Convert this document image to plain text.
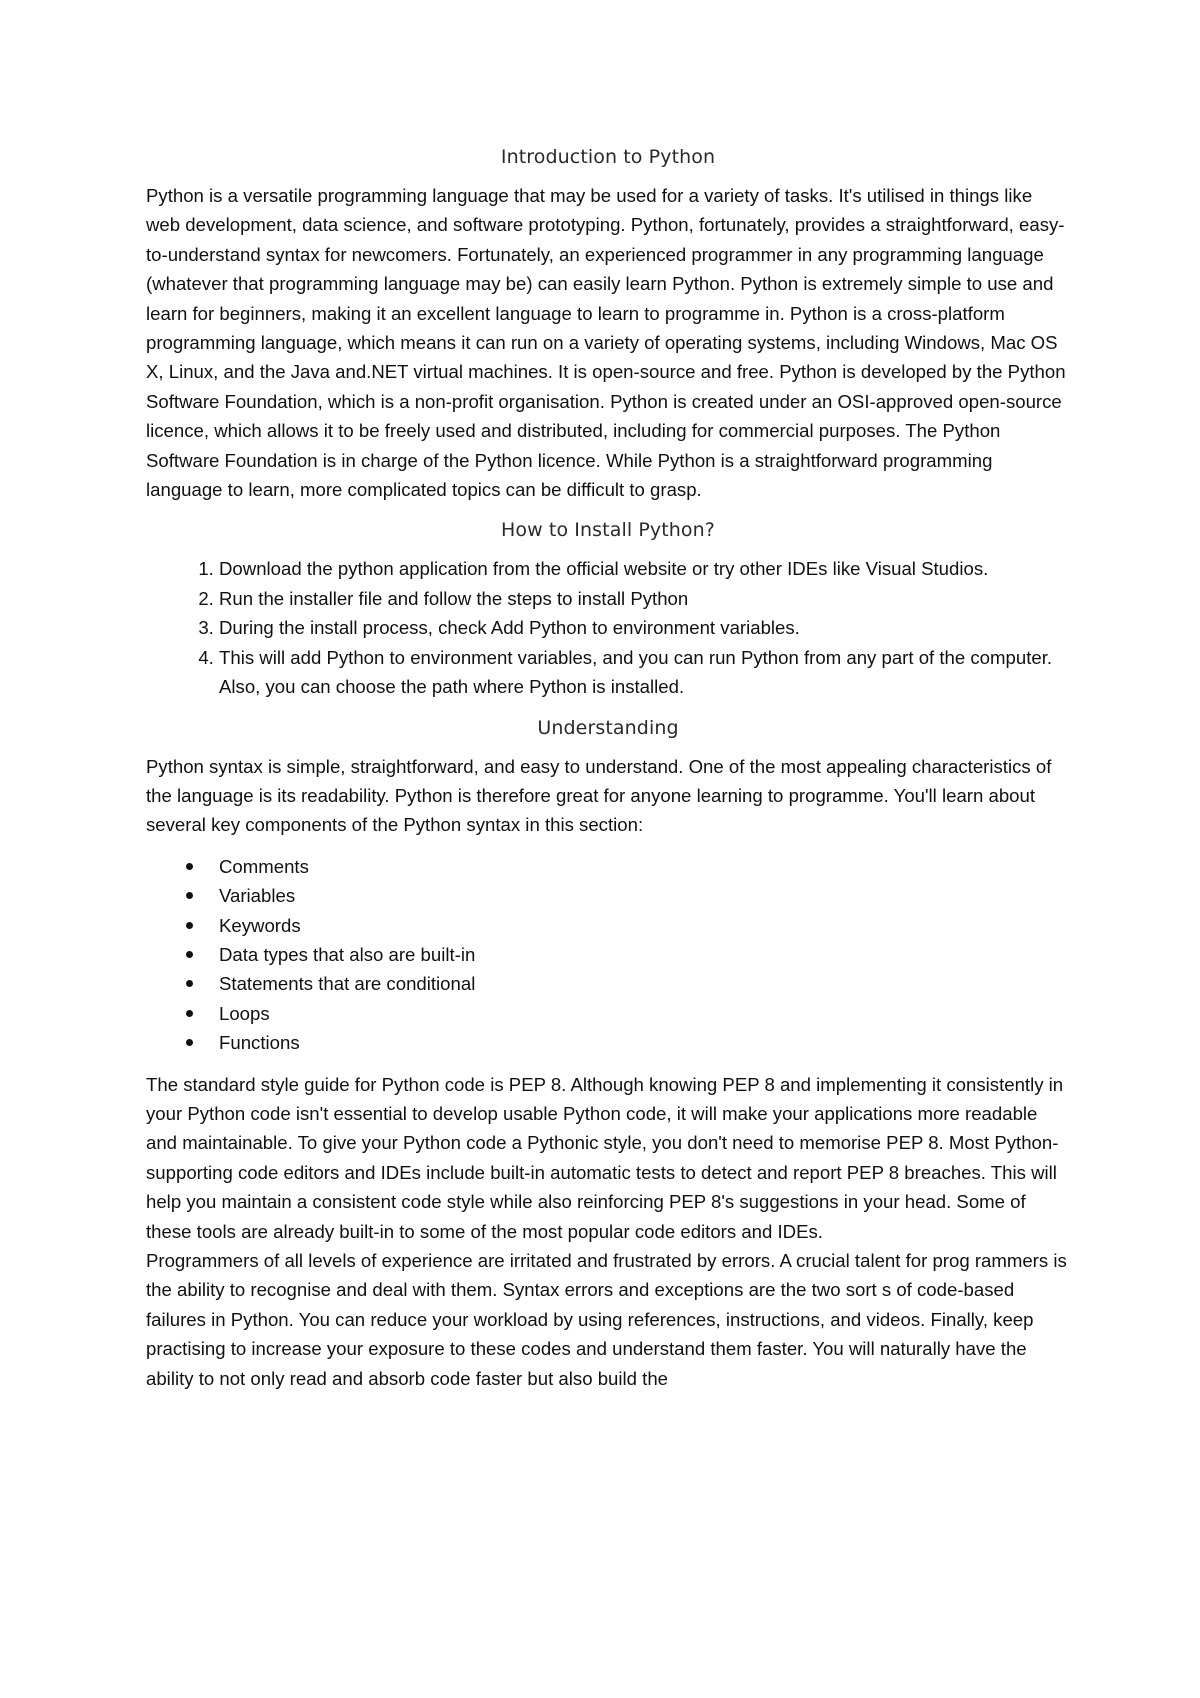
Introduction to Python

Python is a versatile programming language that may be used for a variety of tasks. It's utilised in things like web development, data science, and software prototyping. Python, fortunately, provides a straightforward, easy-to-understand syntax for newcomers. Fortunately, an experienced programmer in any programming language (whatever that programming language may be) can easily learn Python. Python is extremely simple to use and learn for beginners, making it an excellent language to learn to programme in. Python is a cross-platform programming language, which means it can run on a variety of operating systems, including Windows, Mac OS X, Linux, and the Java and.NET virtual machines. It is open-source and free. Python is developed by the Python Software Foundation, which is a non-profit organisation. Python is created under an OSI-approved open-source licence, which allows it to be freely used and distributed, including for commercial purposes. The Python Software Foundation is in charge of the Python licence. While Python is a straightforward programming language to learn, more complicated topics can be difficult to grasp.

How to Install Python?
1. Download the python application from the official website or try other IDEs like Visual Studios.
2. Run the installer file and follow the steps to install Python
3. During the install process, check Add Python to environment variables.
4. This will add Python to environment variables, and you can run Python from any part of the computer. Also, you can choose the path where Python is installed.
Understanding

Python syntax is simple, straightforward, and easy to understand. One of the most appealing characteristics of the language is its readability. Python is therefore great for anyone learning to programme. You'll learn about several key components of the Python syntax in this section:

Comments
Variables
Keywords
Data types that also are built-in
Statements that are conditional
Loops
Functions

The standard style guide for Python code is PEP 8. Although knowing PEP 8 and implementing it consistently in your Python code isn't essential to develop usable Python code, it will make your applications more readable and maintainable. To give your Python code a Pythonic style, you don't need to memorise PEP 8. Most Python-supporting code editors and IDEs include built-in automatic tests to detect and report PEP 8 breaches. This will help you maintain a consistent code style while also reinforcing PEP 8's suggestions in your head. Some of these tools are already built-in to some of the most popular code editors and IDEs.

Programmers of all levels of experience are irritated and frustrated by errors. A crucial talent for prog rammers is the ability to recognise and deal with them. Syntax errors and exceptions are the two sort s of code-based failures in Python. You can reduce your workload by using references, instructions, and videos. Finally, keep practising to increase your exposure to these codes and understand them faster. You will naturally have the ability to not only read and absorb code faster but also build the
